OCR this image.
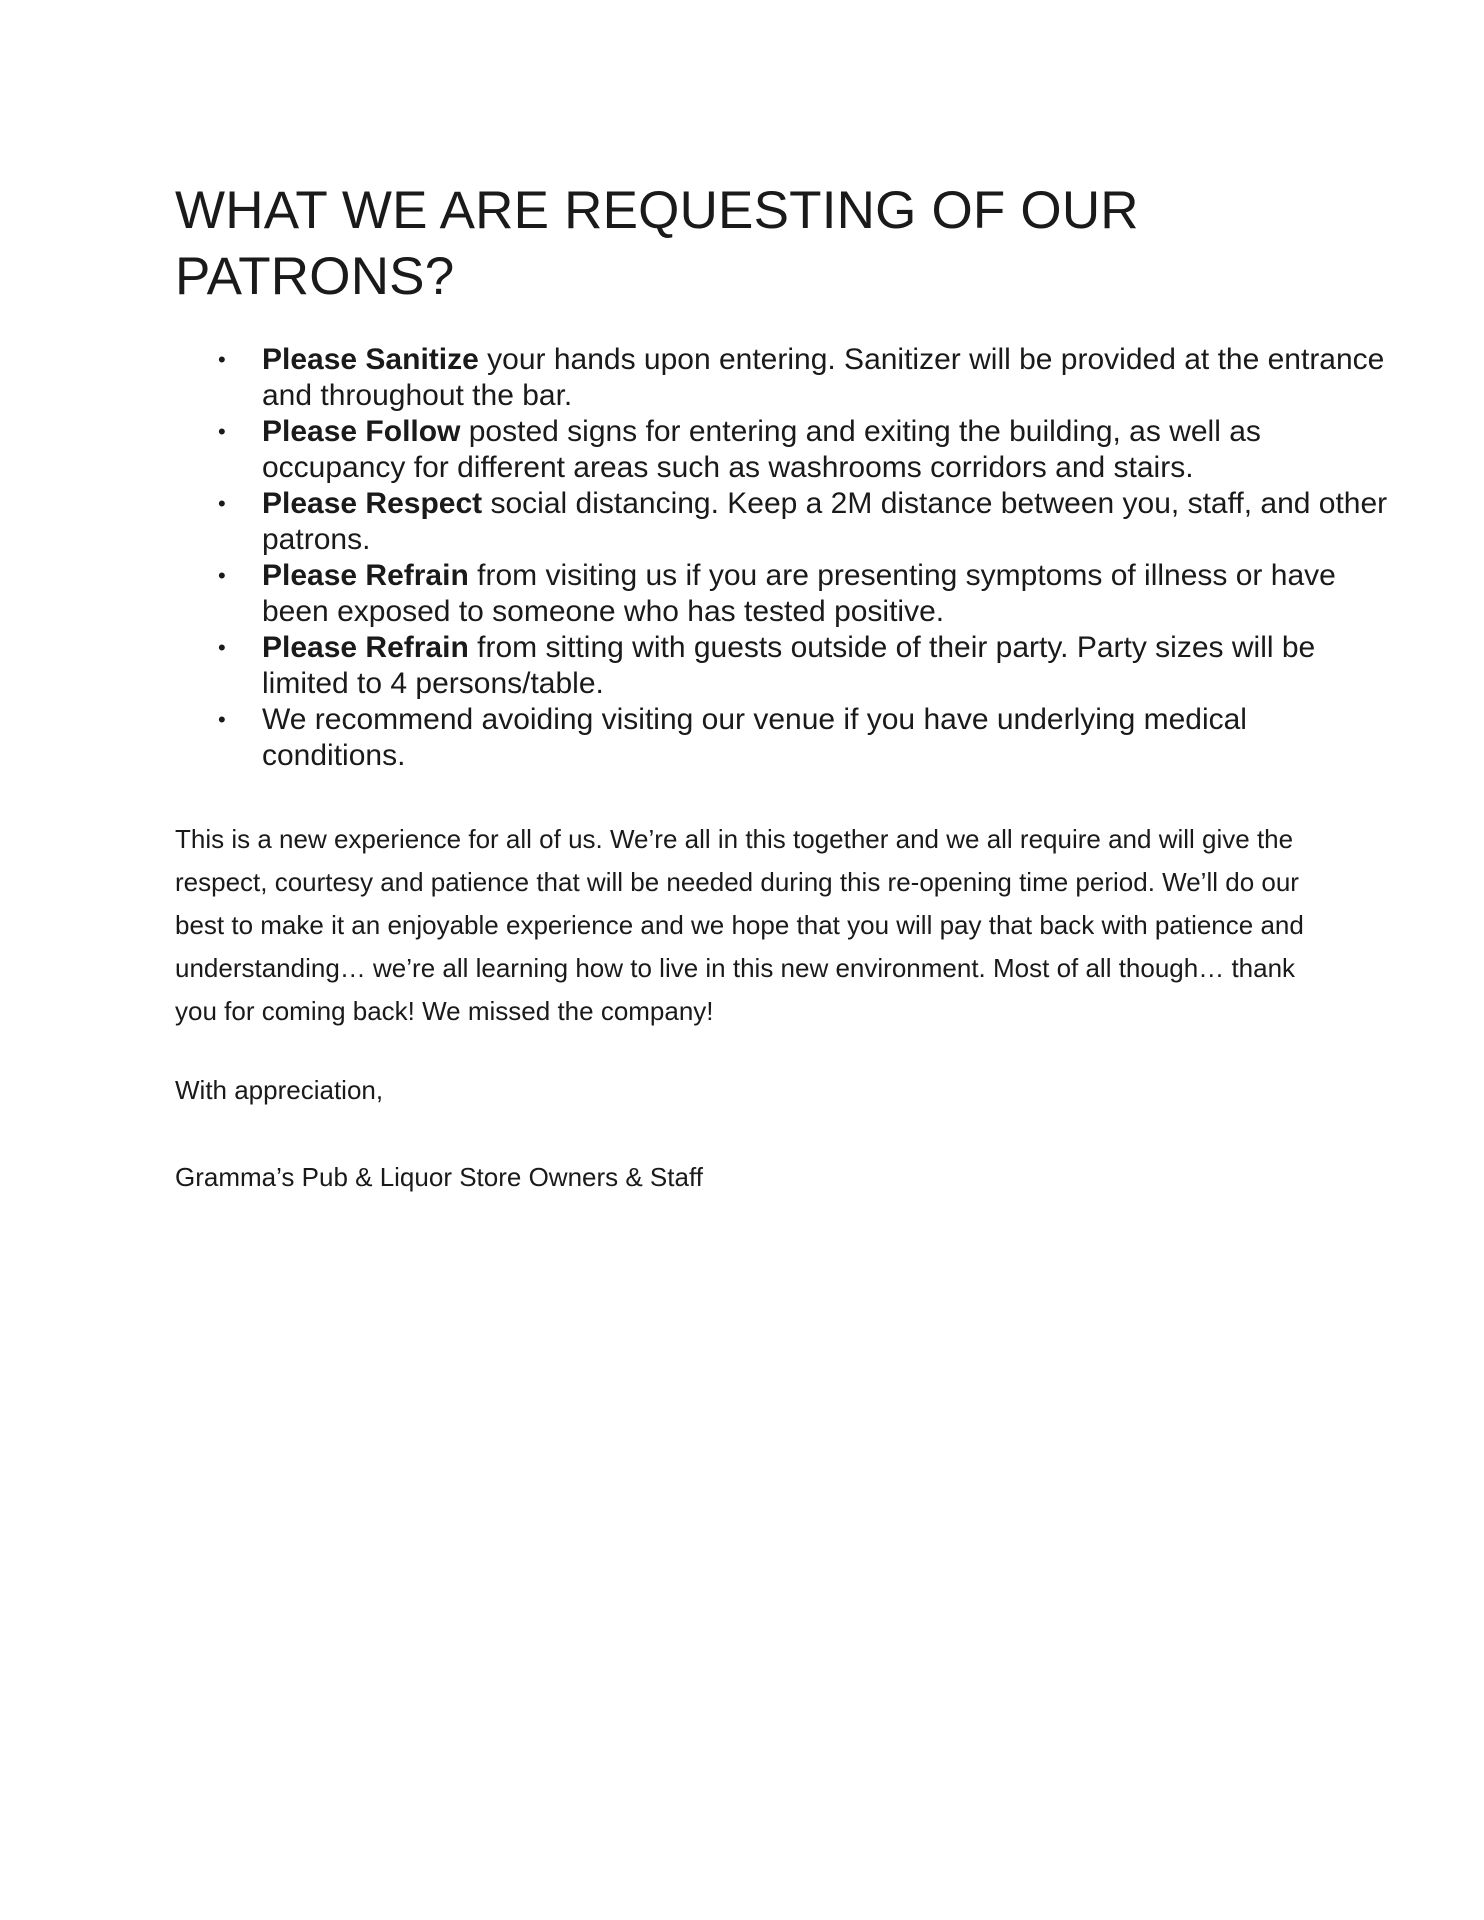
WHAT WE ARE REQUESTING OF OUR PATRONS?
• Please Sanitize your hands upon entering. Sanitizer will be provided at the entrance and throughout the bar.
• Please Follow posted signs for entering and exiting the building, as well as occupancy for different areas such as washrooms corridors and stairs.
• Please Respect social distancing. Keep a 2M distance between you, staff, and other patrons.
• Please Refrain from visiting us if you are presenting symptoms of illness or have been exposed to someone who has tested positive.
• Please Refrain from sitting with guests outside of their party. Party sizes will be limited to 4 persons/table.
• We recommend avoiding visiting our venue if you have underlying medical conditions.

This is a new experience for all of us. We’re all in this together and we all require and will give the respect, courtesy and patience that will be needed during this re-opening time period. We’ll do our best to make it an enjoyable experience and we hope that you will pay that back with patience and understanding… we’re all learning how to live in this new environment. Most of all though… thank you for coming back! We missed the company!

With appreciation,

Gramma’s Pub & Liquor Store Owners & Staff
